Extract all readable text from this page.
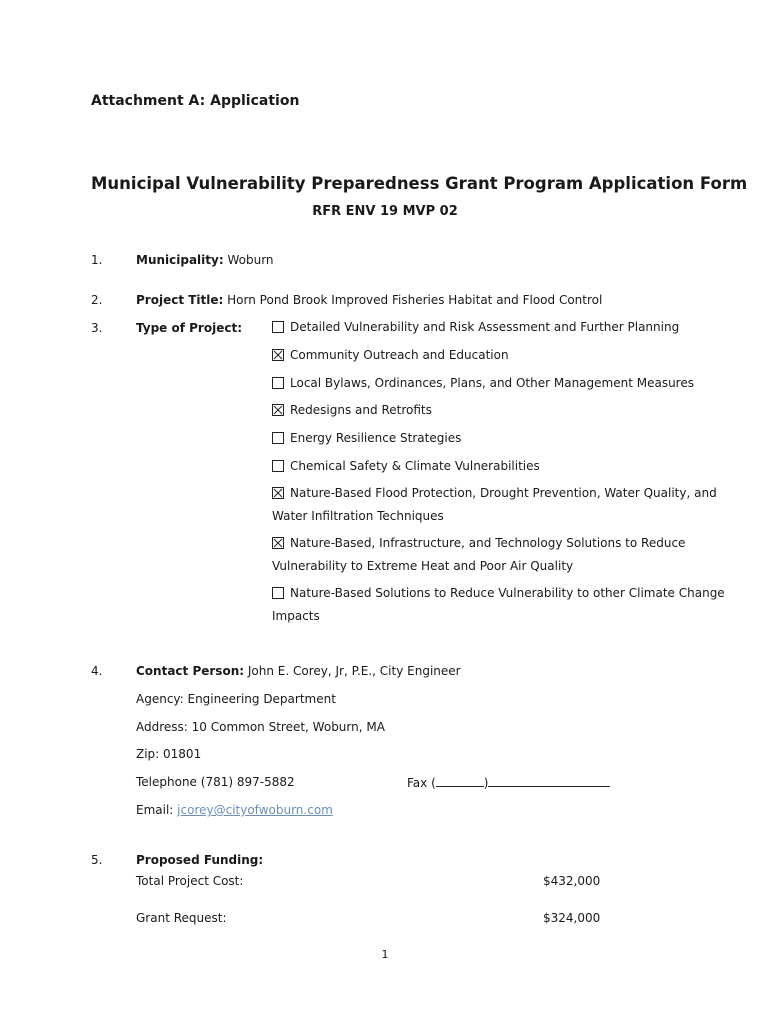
Attachment A: Application
Municipal Vulnerability Preparedness Grant Program Application Form
RFR ENV 19 MVP 02
1.	Municipality: Woburn
2.	Project Title: Horn Pond Brook Improved Fisheries Habitat and Flood Control
3.	Type of Project:	Detailed Vulnerability and Risk Assessment and Further Planning
Community Outreach and Education
Local Bylaws, Ordinances, Plans, and Other Management Measures
Redesigns and Retrofits
Energy Resilience Strategies
Chemical Safety & Climate Vulnerabilities
Nature-Based Flood Protection, Drought Prevention, Water Quality, and
Water Infiltration Techniques
Nature-Based, Infrastructure, and Technology Solutions to Reduce
Vulnerability to Extreme Heat and Poor Air Quality
Nature-Based Solutions to Reduce Vulnerability to other Climate Change
Impacts
4.	Contact Person: John E. Corey, Jr, P.E., City Engineer
Agency: Engineering Department
Address: 10 Common Street, Woburn, MA
Zip: 01801
Telephone (781) 897-5882	Fax (	)
Email: jcorey@cityofwoburn.com
5.	Proposed Funding:
Total Project Cost:	$432,000
Grant Request:	$324,000
1
